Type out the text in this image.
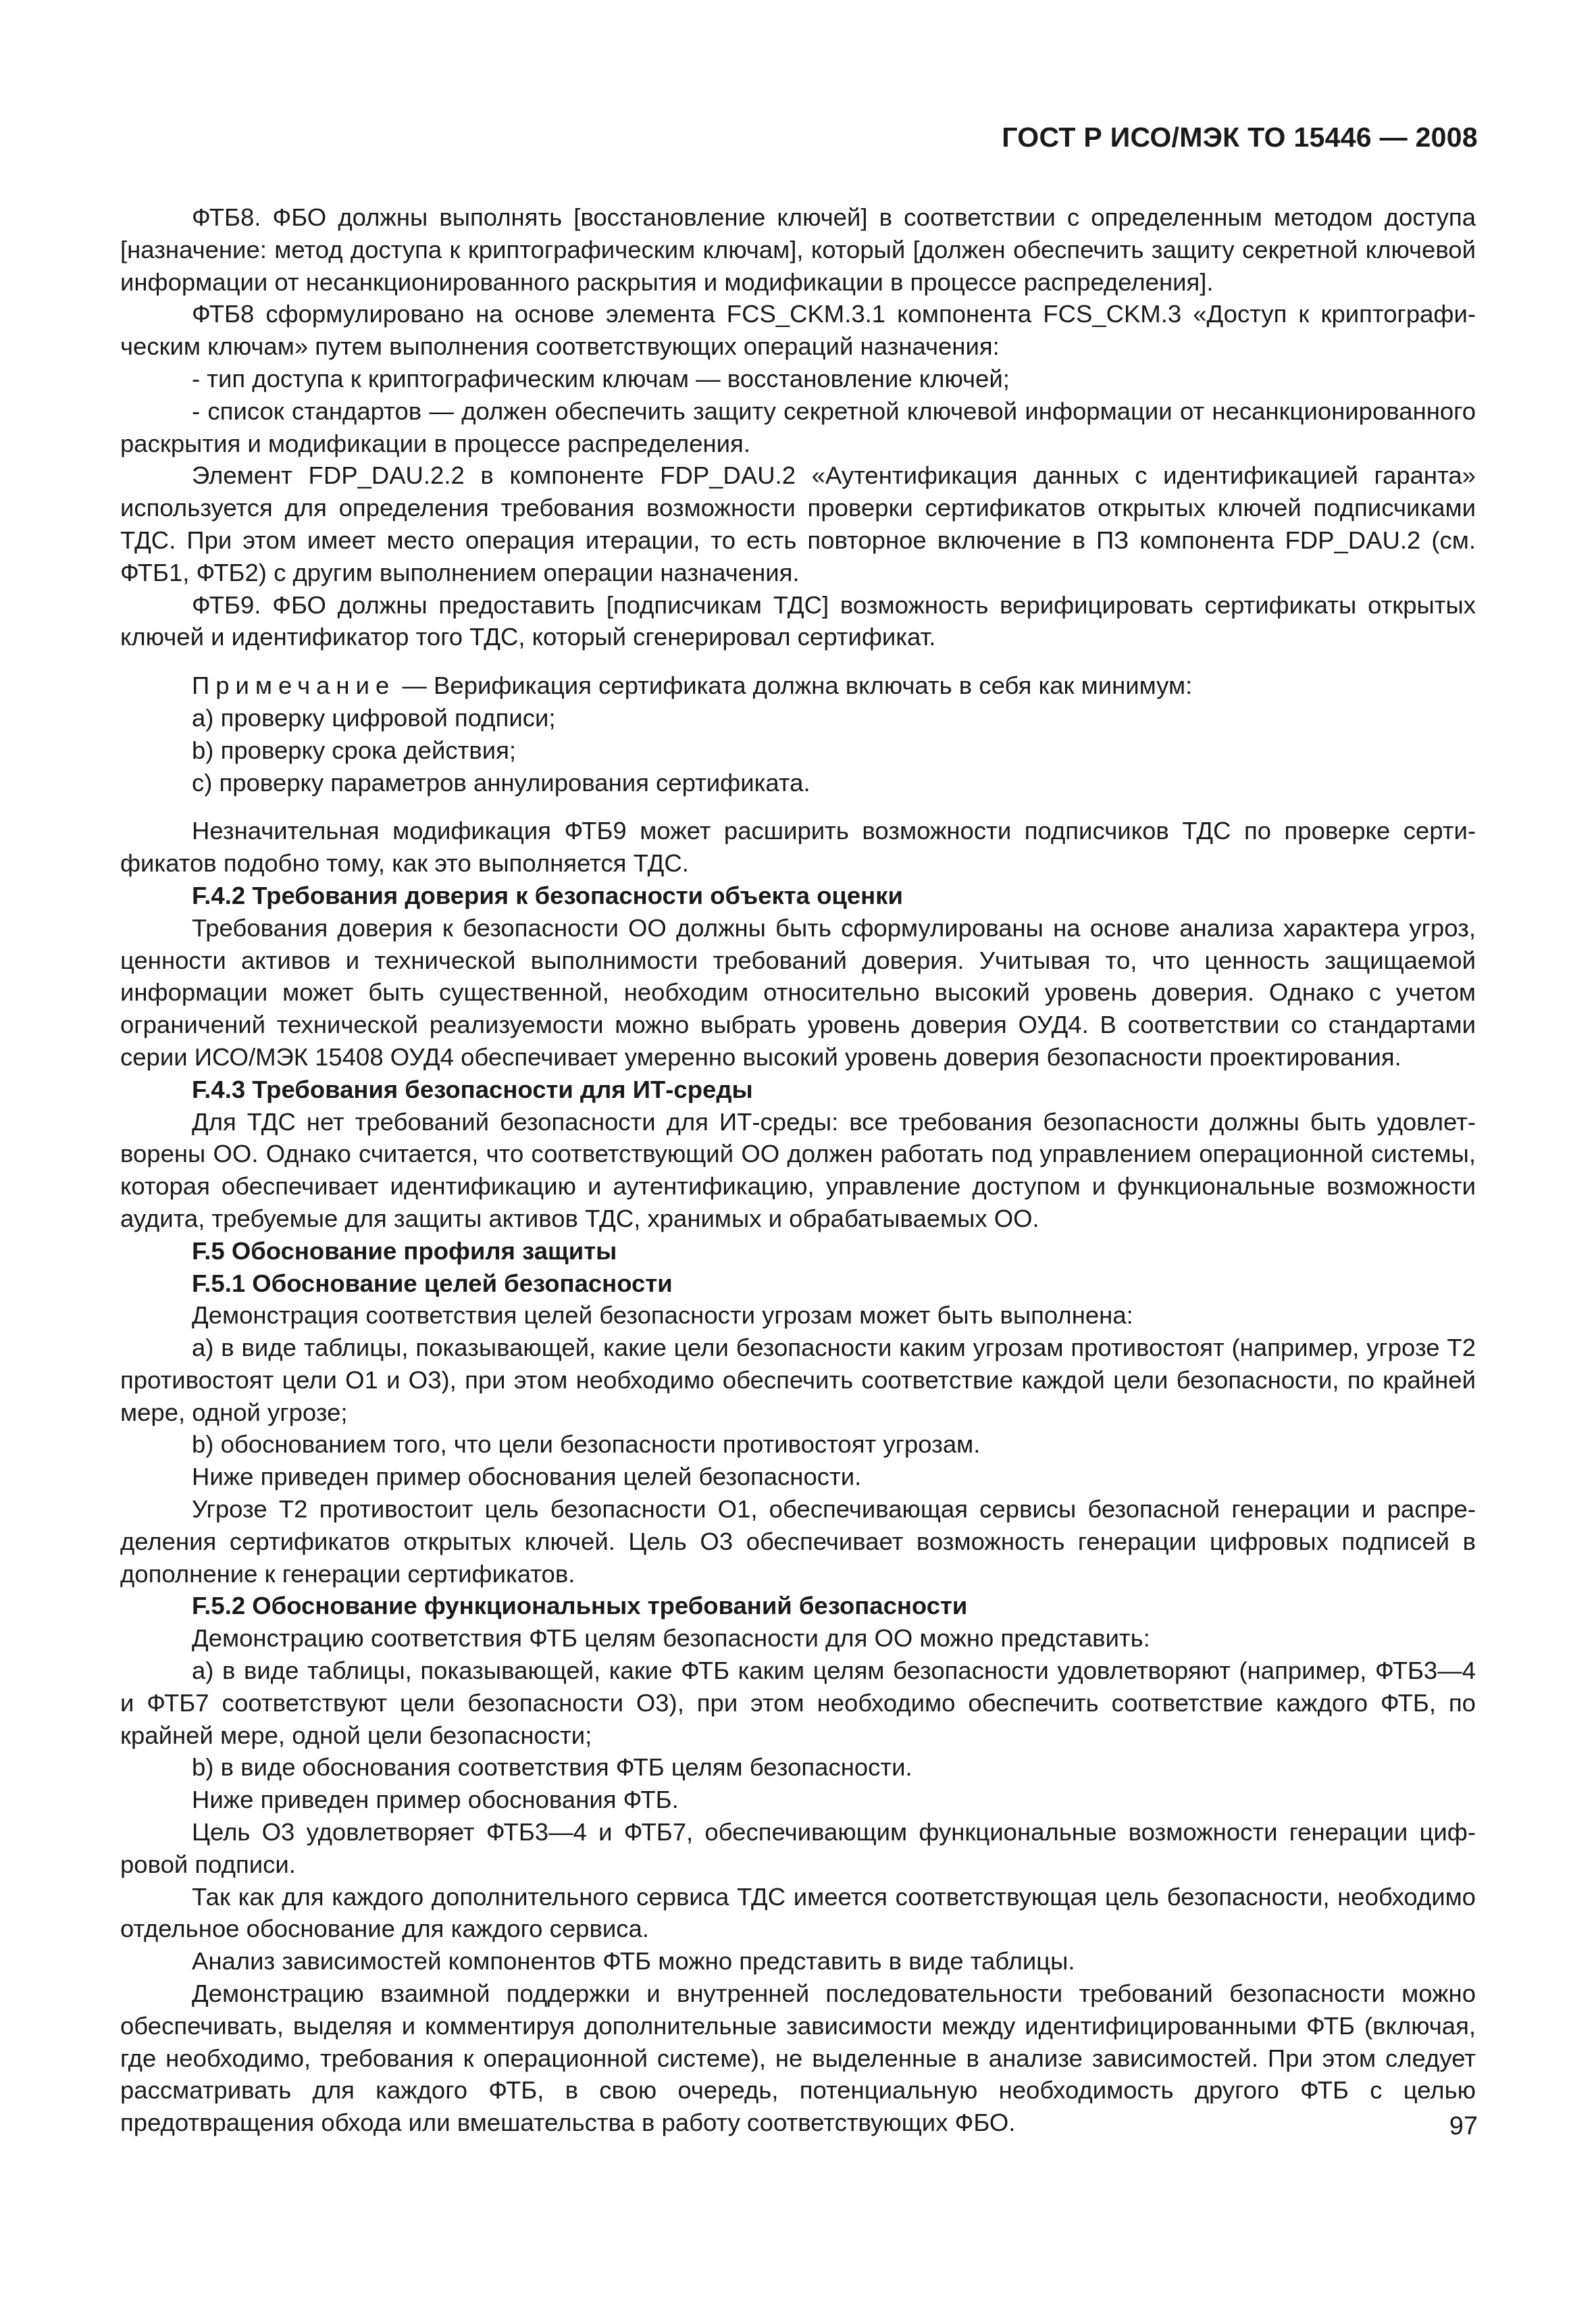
ГОСТ Р ИСО/МЭК ТО 15446 — 2008

ФТБ8. ФБО должны выполнять [восстановление ключей] в соответствии с определенным методом доступа [назначение: метод доступа к криптографическим ключам], который [должен обеспечить защиту секретной ключевой информации от несанкционированного раскрытия и модификации в процессе распределения].

ФТБ8 сформулировано на основе элемента FCS_CKM.3.1 компонента FCS_CKM.3 «Доступ к криптографическим ключам» путем выполнения соответствующих операций назначения:

- тип доступа к криптографическим ключам — восстановление ключей;

- список стандартов — должен обеспечить защиту секретной ключевой информации от несанкционированного раскрытия и модификации в процессе распределения.

Элемент FDP_DAU.2.2 в компоненте FDP_DAU.2 «Аутентификация данных с идентификацией гаранта» используется для определения требования возможности проверки сертификатов открытых ключей подписчиками ТДС. При этом имеет место операция итерации, то есть повторное включение в ПЗ компонента FDP_DAU.2 (см. ФТБ1, ФТБ2) с другим выполнением операции назначения.

ФТБ9. ФБО должны предоставить [подписчикам ТДС] возможность верифицировать сертификаты открытых ключей и идентификатор того ТДС, который сгенерировал сертификат.

Примечание — Верификация сертификата должна включать в себя как минимум:

а) проверку цифровой подписи;

b) проверку срока действия;

c) проверку параметров аннулирования сертификата.

Незначительная модификация ФТБ9 может расширить возможности подписчиков ТДС по проверке сертификатов подобно тому, как это выполняется ТДС.

F.4.2 Требования доверия к безопасности объекта оценки

Требования доверия к безопасности ОО должны быть сформулированы на основе анализа характера угроз, ценности активов и технической выполнимости требований доверия. Учитывая то, что ценность защищаемой информации может быть существенной, необходим относительно высокий уровень доверия. Однако с учетом ограничений технической реализуемости можно выбрать уровень доверия ОУД4. В соответствии со стандартами серии ИСО/МЭК 15408 ОУД4 обеспечивает умеренно высокий уровень доверия безопасности проектирования.

F.4.3 Требования безопасности для ИТ-среды

Для ТДС нет требований безопасности для ИТ-среды: все требования безопасности должны быть удовлетворены ОО. Однако считается, что соответствующий ОО должен работать под управлением операционной системы, которая обеспечивает идентификацию и аутентификацию, управление доступом и функциональные возможности аудита, требуемые для защиты активов ТДС, хранимых и обрабатываемых ОО.

F.5 Обоснование профиля защиты

F.5.1 Обоснование целей безопасности

Демонстрация соответствия целей безопасности угрозам может быть выполнена:

а) в виде таблицы, показывающей, какие цели безопасности каким угрозам противостоят (например, угрозе Т2 противостоят цели О1 и О3), при этом необходимо обеспечить соответствие каждой цели безопасности, по крайней мере, одной угрозе;

b) обоснованием того, что цели безопасности противостоят угрозам.

Ниже приведен пример обоснования целей безопасности.

Угрозе Т2 противостоит цель безопасности О1, обеспечивающая сервисы безопасной генерации и распределения сертификатов открытых ключей. Цель О3 обеспечивает возможность генерации цифровых подписей в дополнение к генерации сертификатов.

F.5.2 Обоснование функциональных требований безопасности

Демонстрацию соответствия ФТБ целям безопасности для ОО можно представить:

а) в виде таблицы, показывающей, какие ФТБ каким целям безопасности удовлетворяют (например, ФТБ3—4 и ФТБ7 соответствуют цели безопасности О3), при этом необходимо обеспечить соответствие каждого ФТБ, по крайней мере, одной цели безопасности;

b) в виде обоснования соответствия ФТБ целям безопасности.

Ниже приведен пример обоснования ФТБ.

Цель О3 удовлетворяет ФТБ3—4 и ФТБ7, обеспечивающим функциональные возможности генерации цифровой подписи.

Так как для каждого дополнительного сервиса ТДС имеется соответствующая цель безопасности, необходимо отдельное обоснование для каждого сервиса.

Анализ зависимостей компонентов ФТБ можно представить в виде таблицы.

Демонстрацию взаимной поддержки и внутренней последовательности требований безопасности можно обеспечивать, выделяя и комментируя дополнительные зависимости между идентифицированными ФТБ (включая, где необходимо, требования к операционной системе), не выделенные в анализе зависимостей. При этом следует рассматривать для каждого ФТБ, в свою очередь, потенциальную необходимость другого ФТБ с целью предотвращения обхода или вмешательства в работу соответствующих ФБО.	97
